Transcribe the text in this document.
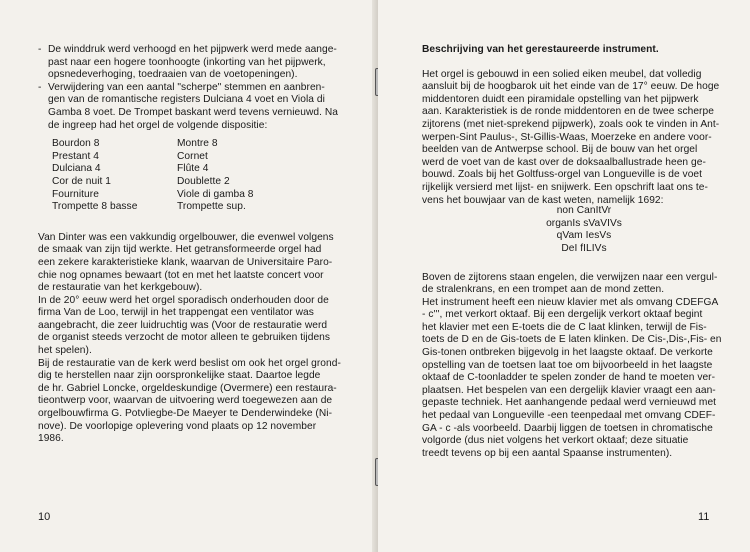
- De winddruk werd verhoogd en het pijpwerk werd mede aange-
past naar een hogere toonhoogte (inkorting van het pijpwerk,
opsnedeverhoging, toedraaien van de voetopeningen).
- Verwijdering van een aantal "scherpe" stemmen en aanbren-
gen van de romantische registers Dulciana 4 voet en Viola di
Gamba 8 voet. De Trompet baskant werd tevens vernieuwd. Na
de ingreep had het orgel de volgende dispositie:
Bourdon 8	Montre 8
Prestant 4	Cornet
Dulciana 4	Flûte 4
Cor de nuit 1	Doublette 2
Fourniture	Viole di gamba 8
Trompette 8 basse	Trompette sup.

Van Dinter was een vakkundig orgelbouwer, die evenwel volgens
de smaak van zijn tijd werkte. Het getransformeerde orgel had
een zekere karakteristieke klank, waarvan de Universitaire Paro-
chie nog opnames bewaart (tot en met het laatste concert voor
de restauratie van het kerkgebouw).

In de 20° eeuw werd het orgel sporadisch onderhouden door de
firma Van de Loo, terwijl in het trappengat een ventilator was
aangebracht, die zeer luidruchtig was (Voor de restauratie werd
de organist steeds verzocht de motor alleen te gebruiken tijdens
het spelen).

Bij de restauratie van de kerk werd beslist om ook het orgel grond-
dig te herstellen naar zijn oorspronkelijke staat. Daartoe legde
de hr. Gabriel Loncke, orgeldeskundige (Overmere) een restaura-
tieontwerp voor, waarvan de uitvoering werd toegewezen aan de
orgelbouwfirma G. Potvliegbe-De Maeyer te Denderwindeke (Ni-
nove). De voorlopige oplevering vond plaats op 12 november
1986.

10

Beschrijving van het gerestaureerde instrument.

Het orgel is gebouwd in een solied eiken meubel, dat volledig
aansluit bij de hoogbarok uit het einde van de 17° eeuw. De hoge
middentoren duidt een piramidale opstelling van het pijpwerk
aan. Karakteristiek is de ronde middentoren en de twee scherpe
zijtorens (met niet-sprekend pijpwerk), zoals ook te vinden in Ant-
werpen-Sint Paulus-, St-Gillis-Waas, Moerzeke en andere voor-
beelden van de Antwerpse school. Bij de bouw van het orgel
werd de voet van de kast over de doksaalballustrade heen ge-
bouwd. Zoals bij het Goltfuss-orgel van Longueville is de voet
rijkelijk versierd met lijst- en snijwerk. Een opschrift laat ons te-
vens het bouwjaar van de kast weten, namelijk 1692:

non CanItVr

organIs sVaVIVs

qVam IesVs

DeI fILIVs

Boven de zijtorens staan engelen, die verwijzen naar een vergul-
de stralenkrans, en een trompet aan de mond zetten.

Het instrument heeft een nieuw klavier met als omvang CDEFGA
- c''', met verkort oktaaf. Bij een dergelijk verkort oktaaf begint
het klavier met een E-toets die de C laat klinken, terwijl de Fis-
toets de D en de Gis-toets de E laten klinken. De Cis-,Dis-,Fis- en
Gis-tonen ontbreken bijgevolg in het laagste oktaaf. De verkorte
opstelling van de toetsen laat toe om bijvoorbeeld in het laagste
oktaaf de C-toonladder te spelen zonder de hand te moeten ver-
plaatsen. Het bespelen van een dergelijk klavier vraagt een aan-
gepaste techniek. Het aanhangende pedaal werd vernieuwd met
het pedaal van Longueville -een teenpedaal met omvang CDEF-
GA - c -als voorbeeld. Daarbij liggen de toetsen in chromatische
volgorde (dus niet volgens het verkort oktaaf; deze situatie
treedt tevens op bij een aantal Spaanse instrumenten).

11
